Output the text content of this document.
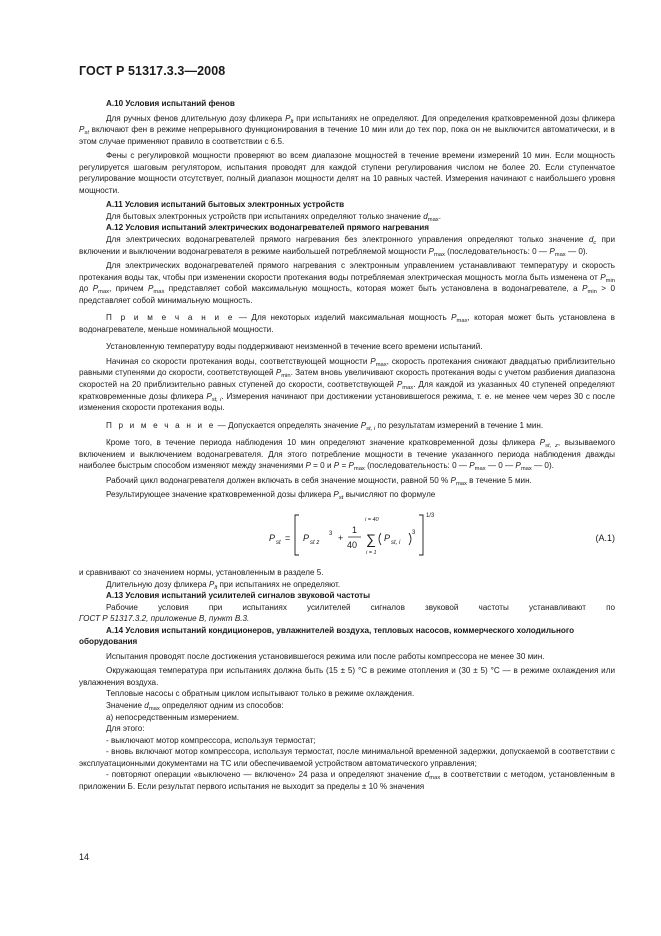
ГОСТ Р 51317.3.3—2008

А.10 Условия испытаний фенов

Для ручных фенов длительную дозу фликера $P_{lt}$ при испытаниях не определяют. Для определения кратковременной дозы фликера $P_{st}$ включают фен в режиме непрерывного функционирования в течение 10 мин или до тех пор, пока он не выключится автоматически, и в этом случае применяют правило в соответствии с 6.5.

Фены с регулировкой мощности проверяют во всем диапазоне мощностей в течение времени измерений 10 мин. Если мощность регулируется шаговым регулятором, испытания проводят для каждой ступени регулирования числом не более 20. Если ступенчатое регулирование мощности отсутствует, полный диапазон мощности делят на 10 равных частей. Измерения начинают с наибольшего уровня мощности.

А.11 Условия испытаний бытовых электронных устройств

Для бытовых электронных устройств при испытаниях определяют только значение $d_{max}$.

А.12 Условия испытаний электрических водонагревателей прямого нагревания

Для электрических водонагревателей прямого нагревания без электронного управления определяют только значение $d_c$ при включении и выключении водонагревателя в режиме наибольшей потребляемой мощности $P_{max}$ (последовательность: 0 — $P_{max}$ — 0).

Для электрических водонагревателей прямого нагревания с электронным управлением устанавливают температуру и скорость протекания воды так, чтобы при изменении скорости протекания воды потребляемая электрическая мощность могла быть изменена от $P_{min}$ до $P_{max}$, причем $P_{max}$ представляет собой максимальную мощность, которая может быть установлена в водонагревателе, а $P_{min} > 0$ представляет собой минимальную мощность.

П р и м е ч а н и е — Для некоторых изделий максимальная мощность $P_{max}$, которая может быть установлена в водонагревателе, меньше номинальной мощности.

Установленную температуру воды поддерживают неизменной в течение всего времени испытаний.

Начиная со скорости протекания воды, соответствующей мощности $P_{max}$, скорость протекания снижают двадцатью приблизительно равными ступенями до скорости, соответствующей $P_{min}$. Затем вновь увеличивают скорость протекания воды с учетом разбиения диапазона скоростей на 20 приблизительно равных ступеней до скорости, соответствующей $P_{max}$. Для каждой из указанных 40 ступеней определяют кратковременные дозы фликера $P_{st, i}$. Измерения начинают при достижении установившегося режима, т. е. не менее чем через 30 с после изменения скорости протекания воды.

П р и м е ч а н и е — Допускается определять значение $P_{st, i}$ по результатам измерений в течение 1 мин.

Кроме того, в течение периода наблюдения 10 мин определяют значение кратковременной дозы фликера $P_{st, z}$, вызываемого включением и выключением водонагревателя. Для этого потребление мощности в течение указанного периода наблюдения дважды наиболее быстрым способом изменяют между значениями P = 0 и $P = P_{max}$ (последовательность: 0 — $P_{max}$ — 0 — $P_{max}$ — 0).

Рабочий цикл водонагревателя должен включать в себя значение мощности, равной 50 % $P_{max}$ в течение 5 мин.

Результирующее значение кратковременной дозы фликера $P_{st}$ вычисляют по формуле

P st = P st z
3 +
1
40
i = 40
∑
i = 1
P st, i
3
1/3
(А.1)

и сравнивают со значением нормы, установленным в разделе 5.

Длительную дозу фликера $P_{lt}$ при испытаниях не определяют.

А.13 Условия испытаний усилителей сигналов звуковой частоты

Рабочие условия при испытаниях усилителей сигналов звуковой частоты устанавливают по

ГОСТ Р 51317.3.2, приложение В, пункт В.3.

А.14 Условия испытаний кондиционеров, увлажнителей воздуха, тепловых насосов, коммерческого холодильного оборудования

Испытания проводят после достижения установившегося режима или после работы компрессора не менее 30 мин.

Окружающая температура при испытаниях должна быть (15 ± 5) °С в режиме отопления и (30 ± 5) °С — в режиме охлаждения или увлажнения воздуха.

Тепловые насосы с обратным циклом испытывают только в режиме охлаждения.

Значение $d_{max}$ определяют одним из способов:

а) непосредственным измерением.

Для этого:

- выключают мотор компрессора, используя термостат;

- вновь включают мотор компрессора, используя термостат, после минимальной временной задержки, допускаемой в соответствии с эксплуатационными документами на ТС или обеспечиваемой устройством автоматического управления;

- повторяют операции «выключено — включено» 24 раза и определяют значение $d_{max}$ в соответствии с методом, установленным в приложении Б. Если результат первого испытания не выходит за пределы ± 10 % значения

14
